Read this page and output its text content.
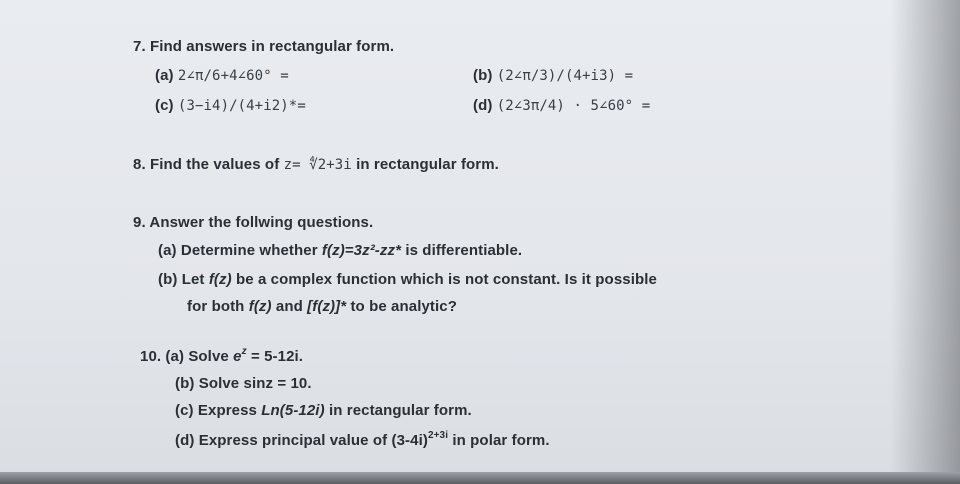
7. Find answers in rectangular form.
(a) 2∠π/6+4∠60° =	(b) (2∠π/3)/(4+i3) =
(c) (3−i4)/(4+i2)*=	(d) (2∠3π/4) · 5∠60° =
8. Find the values of z= ∜2+3i in rectangular form.
9. Answer the follwing questions.
(a) Determine whether f(z)=3z²-zz* is differentiable.
(b) Let f(z) be a complex function which is not constant. Is it possible
for both f(z) and [f(z)]* to be analytic?
10. (a) Solve $e^z = 5-12i$.
(b) Solve sinz = 10.
(c) Express Ln(5-12i) in rectangular form.
(d) Express principal value of $(3-4i)^{2+3i}$ in polar form.
